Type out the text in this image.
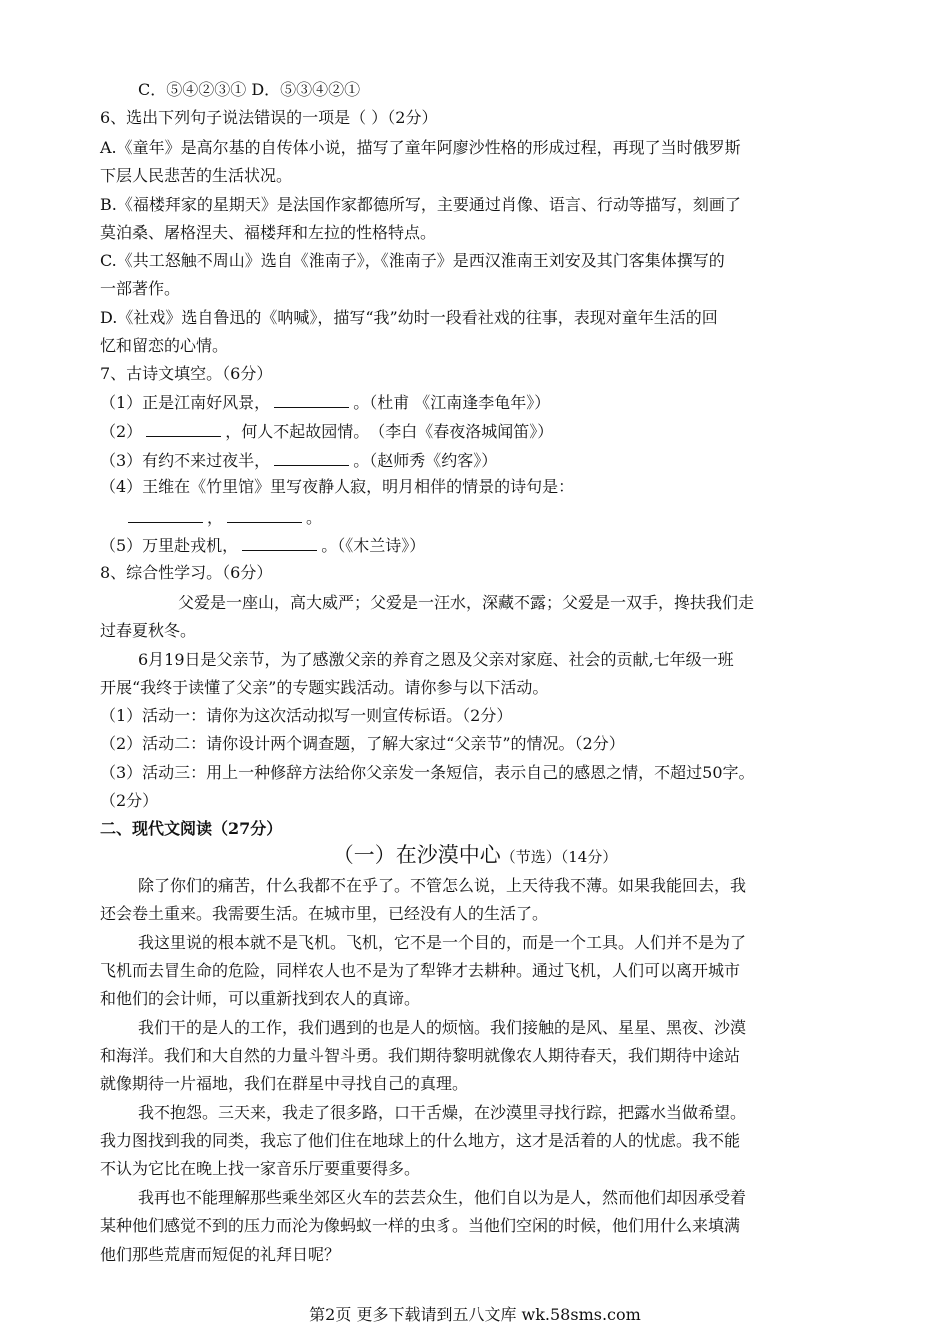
C．⑤④②③① D．⑤③④②①
6、选出下列句子说法错误的一项是（ ）（2分）
A.《童年》是高尔基的自传体小说，描写了童年阿廖沙性格的形成过程，再现了当时俄罗斯
下层人民悲苦的生活状况。
B.《福楼拜家的星期天》是法国作家都德所写，主要通过肖像、语言、行动等描写，刻画了
莫泊桑、屠格涅夫、福楼拜和左拉的性格特点。
C.《共工怒触不周山》选自《淮南子》，《淮南子》是西汉淮南王刘安及其门客集体撰写的
一部著作。
D.《社戏》选自鲁迅的《呐喊》，描写“我”幼时一段看社戏的往事，表现对童年生活的回
忆和留恋的心情。
7、古诗文填空。（6分）
（1）正是江南好风景，	。（杜甫 《江南逢李龟年》）
（2）	，何人不起故园情。　（李白《春夜洛城闻笛》）
（3）有约不来过夜半，	。（赵师秀《约客》）
（4）王维在《竹里馆》里写夜静人寂，明月相伴的情景的诗句是：
，	。
（5）万里赴戎机，	。（《木兰诗》）
8、综合性学习。（6分）
父爱是一座山，高大威严；父爱是一汪水，深藏不露；父爱是一双手，搀扶我们走
过春夏秋冬。
6月19日是父亲节，为了感激父亲的养育之恩及父亲对家庭、社会的贡献,七年级一班
开展“我终于读懂了父亲”的专题实践活动。请你参与以下活动。
（1）活动一：请你为这次活动拟写一则宣传标语。（2分）
（2）活动二：请你设计两个调查题，了解大家过“父亲节”的情况。（2分）
（3）活动三：用上一种修辞方法给你父亲发一条短信，表示自己的感恩之情，不超过50字。
（2分）
二、现代文阅读（27分）
（一）在沙漠中心（节选）（14分）
除了你们的痛苦，什么我都不在乎了。不管怎么说，上天待我不薄。如果我能回去，我
还会卷土重来。我需要生活。在城市里，已经没有人的生活了。
我这里说的根本就不是飞机。飞机，它不是一个目的，而是一个工具。人们并不是为了
飞机而去冒生命的危险，同样农人也不是为了犁铧才去耕种。通过飞机，人们可以离开城市
和他们的会计师，可以重新找到农人的真谛。
我们干的是人的工作，我们遇到的也是人的烦恼。我们接触的是风、星星、黑夜、沙漠
和海洋。我们和大自然的力量斗智斗勇。我们期待黎明就像农人期待春天，我们期待中途站
就像期待一片福地，我们在群星中寻找自己的真理。
我不抱怨。三天来，我走了很多路，口干舌燥，在沙漠里寻找行踪，把露水当做希望。
我力图找到我的同类，我忘了他们住在地球上的什么地方，这才是活着的人的忧虑。我不能
不认为它比在晚上找一家音乐厅要重要得多。
我再也不能理解那些乘坐郊区火车的芸芸众生，他们自以为是人，然而他们却因承受着
某种他们感觉不到的压力而沦为像蚂蚁一样的虫豸。当他们空闲的时候，他们用什么来填满
他们那些荒唐而短促的礼拜日呢？
第2页 更多下载请到五八文库 wk.58sms.com
